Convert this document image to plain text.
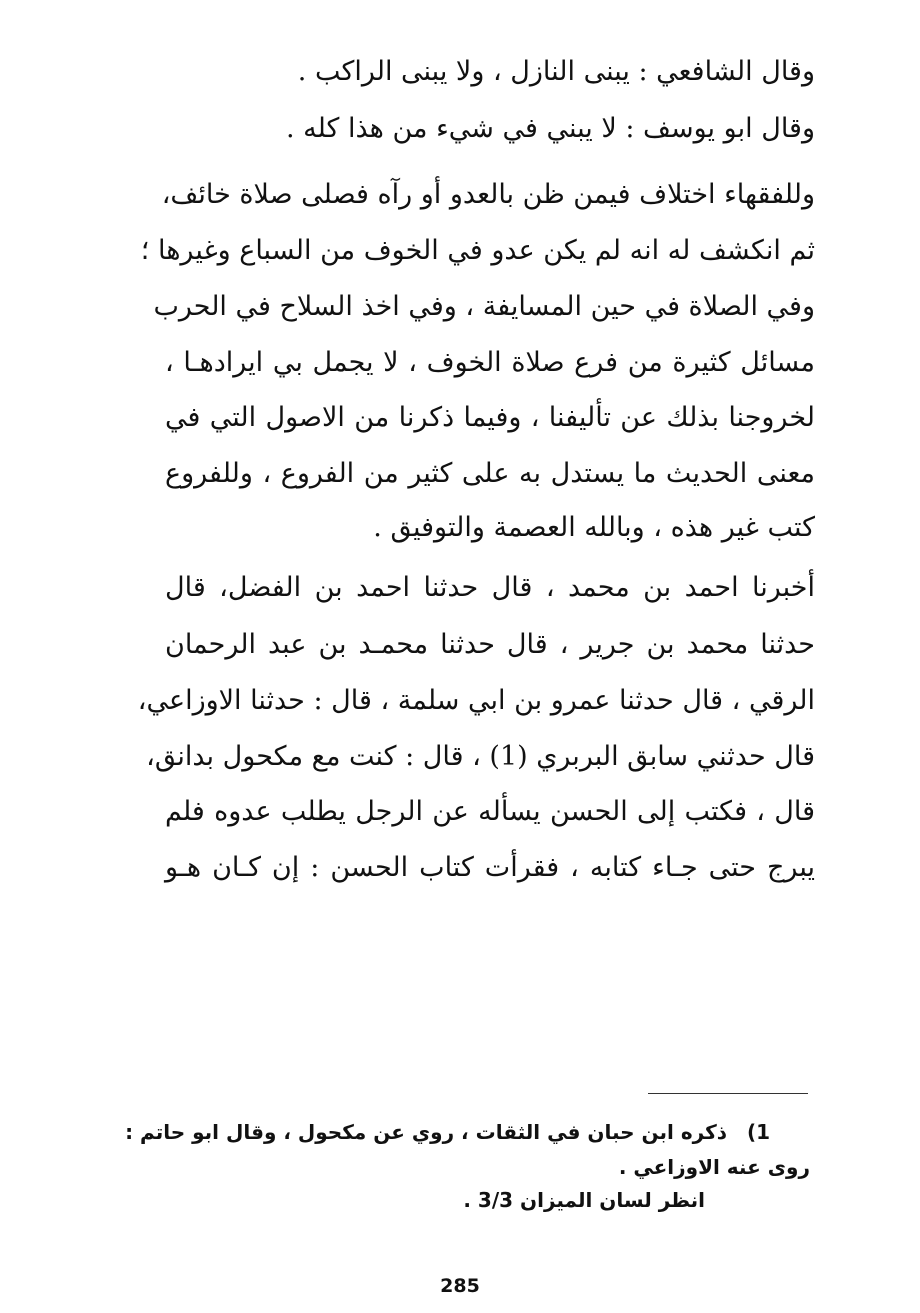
وقال الشافعي : يبنى النازل ، ولا يبنى الراكب .
وقال ابو يوسف : لا يبني في شيء من هذا كله .
وللفقهاء اختلاف فيمن ظن بالعدو أو رآه فصلى صلاة خائف،
ثم انكشف له انه لم يكن عدو في الخوف من السباع وغيرها ؛
وفي الصلاة في حين المسايفة ، وفي اخذ السلاح في الحرب
مسائل كثيرة من فرع صلاة الخوف ، لا يجمل بي ايرادهـا ،
لخروجنا بذلك عن تأليفنا ، وفيما ذكرنا من الاصول التي في
معنى الحديث ما يستدل به على كثير من الفروع ، وللفروع
كتب غير هذه ، وبالله العصمة والتوفيق .
أخبرنا احمد بن محمد ، قال حدثنا احمد بن الفضل، قال
حدثنا محمد بن جرير ، قال حدثنا محمـد بن عبد الرحمان
الرقي ، قال حدثنا عمرو بن ابي سلمة ، قال : حدثنا الاوزاعي،
قال حدثني سابق البربري (1) ، قال : كنت مع مكحول بدانق،
قال ، فكتب إلى الحسن يسأله عن الرجل يطلب عدوه فلم
يبرج حتى جـاء كتابه ، فقرأت كتاب الحسن : إن كـان هـو
1)
ذكره ابن حبان في الثقات ، روي عن مكحول ، وقال ابو حاتم :
روى عنه الاوزاعي .
انظر لسان الميزان 3/3 .
285
